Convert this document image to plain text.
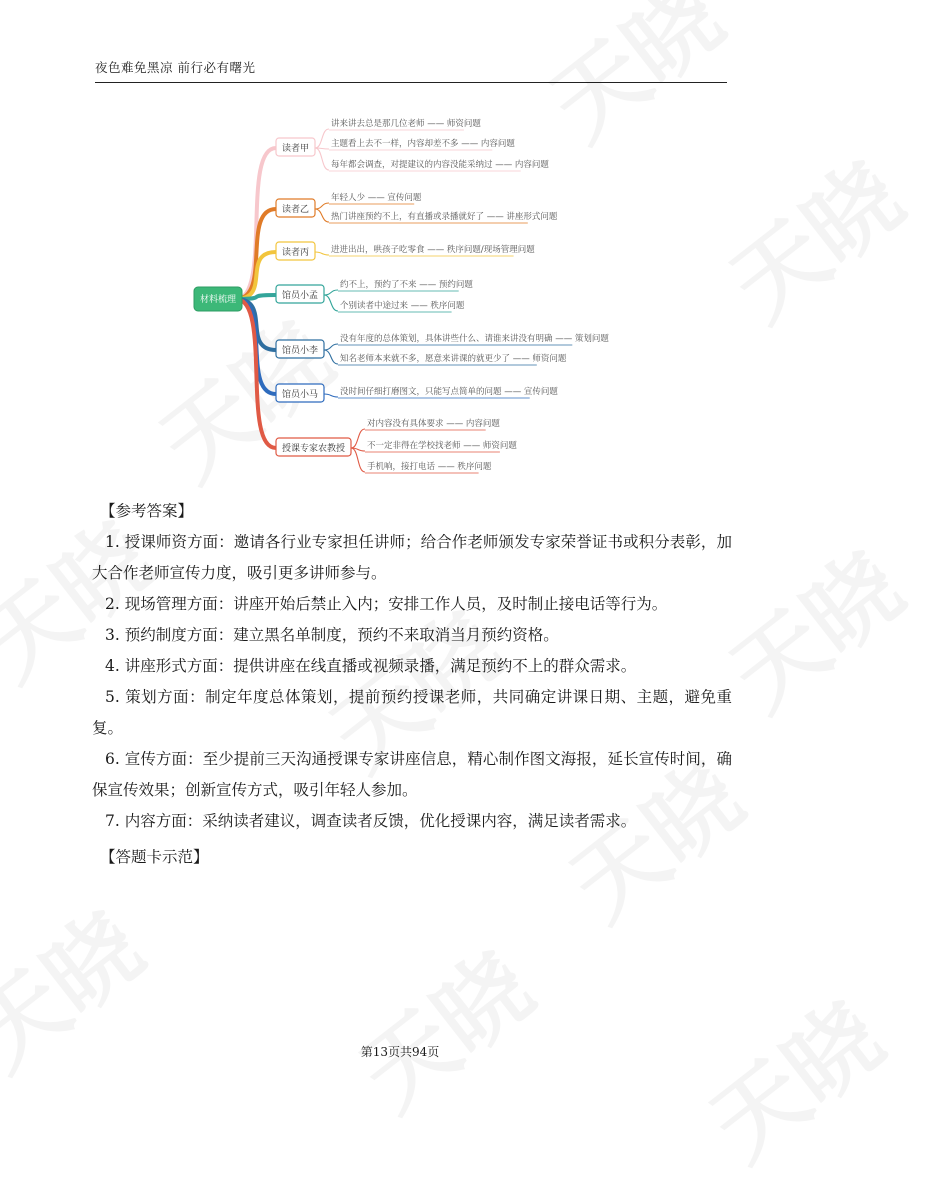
夜色难免黑凉 前行必有曙光
读者甲
讲来讲去总是那几位老师 —— 师资问题
主题看上去不一样，内容却差不多 —— 内容问题
每年都会调查，对提建议的内容没能采纳过 —— 内容问题
读者乙
年轻人少 —— 宣传问题
热门讲座预约不上，有直播或录播就好了 —— 讲座形式问题
读者丙	进进出出，哄孩子吃零食 —— 秩序问题/现场管理问题
馆员小孟
约不上，预约了不来 —— 预约问题
个别读者中途过来 —— 秩序问题
馆员小李
没有年度的总体策划，具体讲些什么、请谁来讲没有明确 —— 策划问题
知名老师本来就不多，愿意来讲课的就更少了 —— 师资问题
馆员小马	没时间仔细打磨图文，只能写点简单的问题 —— 宣传问题
授课专家农教授
对内容没有具体要求 —— 内容问题
不一定非得在学校找老师 —— 师资问题
手机响，接打电话 —— 秩序问题
材料梳理
【参考答案】

1. 授课师资方面：邀请各行业专家担任讲师；给合作老师颁发专家荣誉证书或积分表彰，加大合作老师宣传力度，吸引更多讲师参与。

2. 现场管理方面：讲座开始后禁止入内；安排工作人员，及时制止接电话等行为。

3. 预约制度方面：建立黑名单制度，预约不来取消当月预约资格。

4. 讲座形式方面：提供讲座在线直播或视频录播，满足预约不上的群众需求。

5. 策划方面：制定年度总体策划，提前预约授课老师，共同确定讲课日期、主题，避免重复。

6. 宣传方面：至少提前三天沟通授课专家讲座信息，精心制作图文海报，延长宣传时间，确保宣传效果；创新宣传方式，吸引年轻人参加。

7. 内容方面：采纳读者建议，调查读者反馈，优化授课内容，满足读者需求。

【答题卡示范】
第13页共94页
